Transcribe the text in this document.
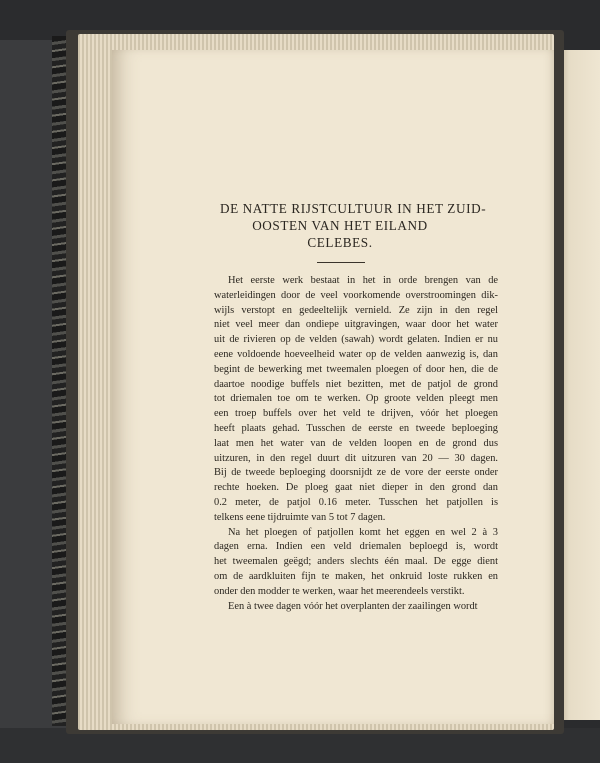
DE NATTE RIJSTCULTUUR IN HET ZUID-
OOSTEN VAN HET EILAND
CELEBES.
Het eerste werk bestaat in het in orde brengen van de
waterleidingen door de veel voorkomende overstroomingen dik-
wijls verstopt en gedeeltelijk vernield. Ze zijn in den regel
niet veel meer dan ondiepe uitgravingen, waar door het water
uit de rivieren op de velden (sawah) wordt gelaten. Indien er nu
eene voldoende hoeveelheid water op de velden aanwezig is, dan
begint de bewerking met tweemalen ploegen of door hen, die de
daartoe noodige buffels niet bezitten, met de patjol de grond
tot driemalen toe om te werken. Op groote velden pleegt men
een troep buffels over het veld te drijven, vóór het ploegen
heeft plaats gehad. Tusschen de eerste en tweede beploeging
laat men het water van de velden loopen en de grond dus
uitzuren, in den regel duurt dit uitzuren van 20 — 30 dagen.
Bij de tweede beploeging doorsnijdt ze de vore der eerste onder
rechte hoeken. De ploeg gaat niet dieper in den grond dan
0.2 meter, de patjol 0.16 meter. Tusschen het patjollen is
telkens eene tijdruimte van 5 tot 7 dagen.
Na het ploegen of patjollen komt het eggen en wel 2 à 3
dagen erna. Indien een veld driemalen beploegd is, wordt
het tweemalen geëgd; anders slechts één maal. De egge dient
om de aardkluiten fijn te maken, het onkruid loste rukken en
onder den modder te werken, waar het meerendeels verstikt.
Een à twee dagen vóór het overplanten der zaailingen wordt
